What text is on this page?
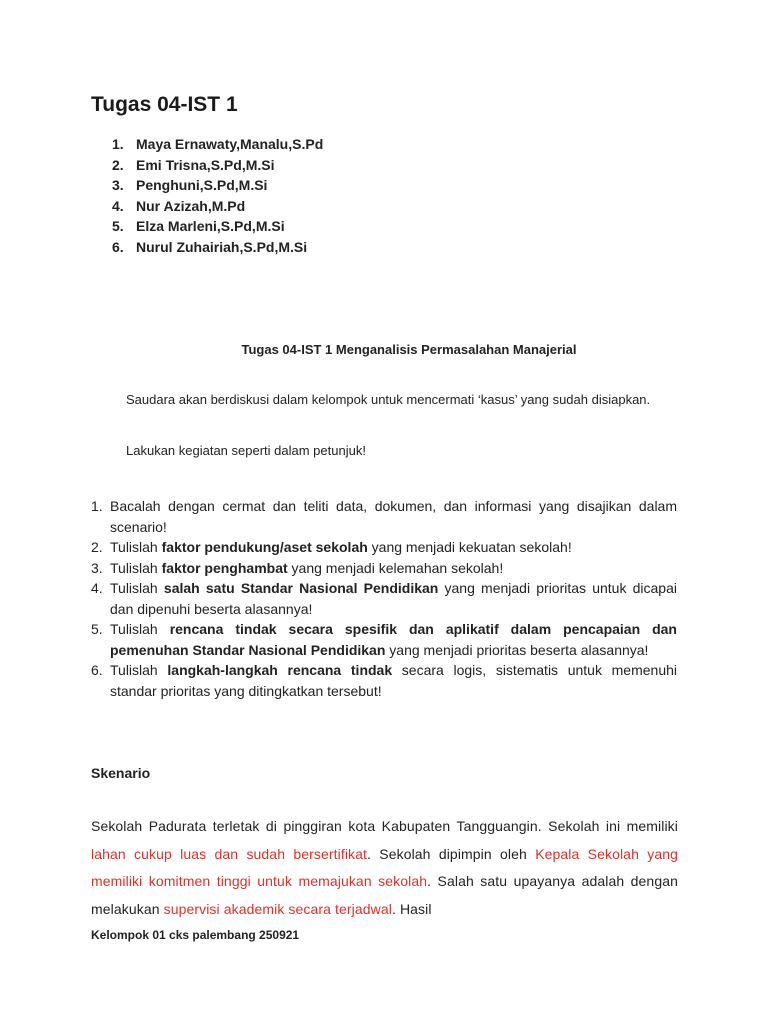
Tugas 04-IST 1
1. Maya Ernawaty,Manalu,S.Pd
2. Emi Trisna,S.Pd,M.Si
3. Penghuni,S.Pd,M.Si
4. Nur Azizah,M.Pd
5. Elza Marleni,S.Pd,M.Si
6. Nurul Zuhairiah,S.Pd,M.Si
Tugas 04-IST 1 Menganalisis Permasalahan Manajerial

Saudara akan berdiskusi dalam kelompok untuk mencermati ‘kasus’ yang sudah disiapkan.

Lakukan kegiatan seperti dalam petunjuk!

1. Bacalah dengan cermat dan teliti data, dokumen, dan informasi yang disajikan dalam scenario!
2. Tulislah faktor pendukung/aset sekolah yang menjadi kekuatan sekolah!
3. Tulislah faktor penghambat yang menjadi kelemahan sekolah!
4. Tulislah salah satu Standar Nasional Pendidikan yang menjadi prioritas untuk dicapai dan dipenuhi beserta alasannya!
5. Tulislah rencana tindak secara spesifik dan aplikatif dalam pencapaian dan pemenuhan Standar Nasional Pendidikan yang menjadi prioritas beserta alasannya!
6. Tulislah langkah-langkah rencana tindak secara logis, sistematis untuk memenuhi standar prioritas yang ditingkatkan tersebut!
Skenario

Sekolah Padurata terletak di pinggiran kota Kabupaten Tangguangin. Sekolah ini memiliki lahan cukup luas dan sudah bersertifikat. Sekolah dipimpin oleh Kepala Sekolah yang memiliki komitmen tinggi untuk memajukan sekolah. Salah satu upayanya adalah dengan melakukan supervisi akademik secara terjadwal. Hasil

Kelompok 01 cks palembang 250921
